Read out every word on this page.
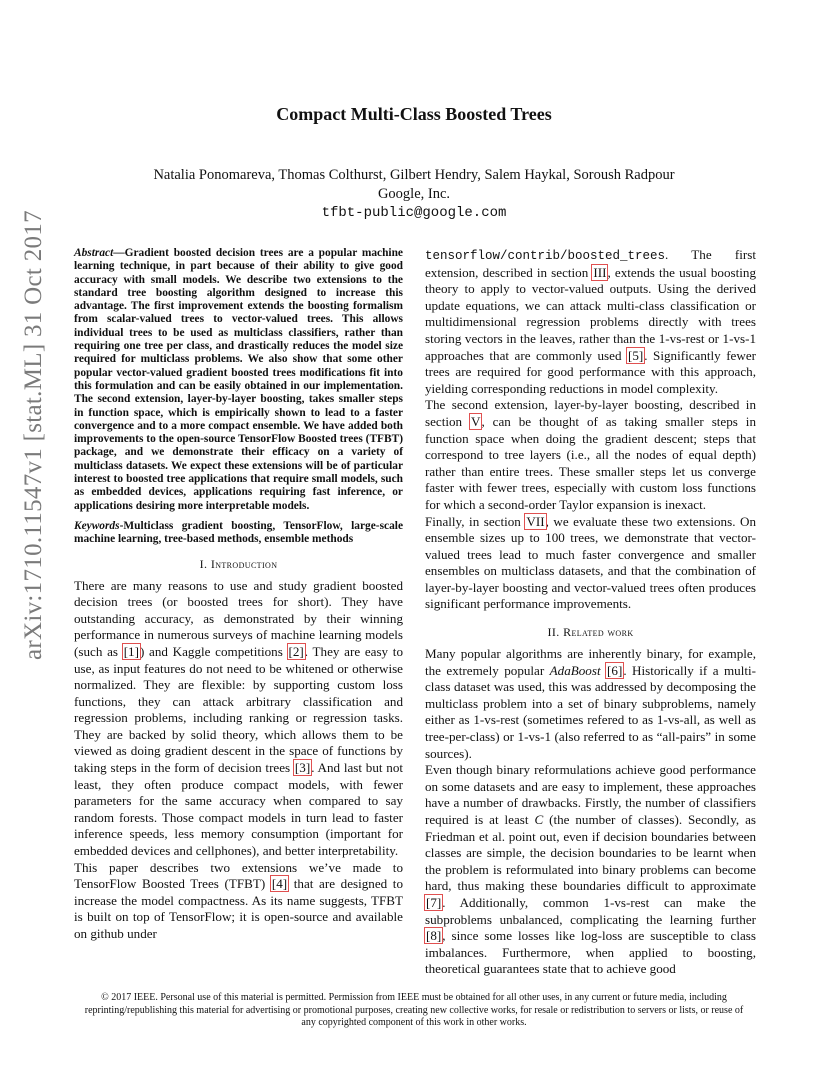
arXiv:1710.11547v1 [stat.ML] 31 Oct 2017
Compact Multi-Class Boosted Trees
Natalia Ponomareva, Thomas Colthurst, Gilbert Hendry, Salem Haykal, Soroush Radpour
Google, Inc.
tfbt-public@google.com

Abstract—Gradient boosted decision trees are a popular machine learning technique, in part because of their ability to give good accuracy with small models. We describe two extensions to the standard tree boosting algorithm designed to increase this advantage. The first improvement extends the boosting formalism from scalar-valued trees to vector-valued trees. This allows individual trees to be used as multiclass classifiers, rather than requiring one tree per class, and drastically reduces the model size required for multiclass problems. We also show that some other popular vector-valued gradient boosted trees modifications fit into this formulation and can be easily obtained in our implementation. The second extension, layer-by-layer boosting, takes smaller steps in function space, which is empirically shown to lead to a faster convergence and to a more compact ensemble. We have added both improvements to the open-source TensorFlow Boosted trees (TFBT) package, and we demonstrate their efficacy on a variety of multiclass datasets. We expect these extensions will be of particular interest to boosted tree applications that require small models, such as embedded devices, applications requiring fast inference, or applications desiring more interpretable models.

Keywords-Multiclass gradient boosting, TensorFlow, large-scale machine learning, tree-based methods, ensemble methods

I. Introduction

There are many reasons to use and study gradient boosted decision trees (or boosted trees for short). They have outstanding accuracy, as demonstrated by their winning performance in numerous surveys of machine learning models (such as [1]) and Kaggle competitions [2]. They are easy to use, as input features do not need to be whitened or otherwise normalized. They are flexible: by supporting custom loss functions, they can attack arbitrary classification and regression problems, including ranking or regression tasks. They are backed by solid theory, which allows them to be viewed as doing gradient descent in the space of functions by taking steps in the form of decision trees [3]. And last but not least, they often produce compact models, with fewer parameters for the same accuracy when compared to say random forests. Those compact models in turn lead to faster inference speeds, less memory consumption (important for embedded devices and cellphones), and better interpretability.

This paper describes two extensions we’ve made to TensorFlow Boosted Trees (TFBT) [4] that are designed to increase the model compactness. As its name suggests, TFBT is built on top of TensorFlow; it is open-source and available on github under

tensorflow/contrib/boosted_trees. The first extension, described in section III, extends the usual boosting theory to apply to vector-valued outputs. Using the derived update equations, we can attack multi-class classification or multidimensional regression problems directly with trees storing vectors in the leaves, rather than the 1-vs-rest or 1-vs-1 approaches that are commonly used [5]. Significantly fewer trees are required for good performance with this approach, yielding corresponding reductions in model complexity.

The second extension, layer-by-layer boosting, described in section V, can be thought of as taking smaller steps in function space when doing the gradient descent; steps that correspond to tree layers (i.e., all the nodes of equal depth) rather than entire trees. These smaller steps let us converge faster with fewer trees, especially with custom loss functions for which a second-order Taylor expansion is inexact.

Finally, in section VII, we evaluate these two extensions. On ensemble sizes up to 100 trees, we demonstrate that vector-valued trees lead to much faster convergence and smaller ensembles on multiclass datasets, and that the combination of layer-by-layer boosting and vector-valued trees often produces significant performance improvements.

II. Related work

Many popular algorithms are inherently binary, for example, the extremely popular AdaBoost [6]. Historically if a multi-class dataset was used, this was addressed by decomposing the multiclass problem into a set of binary subproblems, namely either as 1-vs-rest (sometimes refered to as 1-vs-all, as well as tree-per-class) or 1-vs-1 (also referred to as “all-pairs” in some sources).

Even though binary reformulations achieve good performance on some datasets and are easy to implement, these approaches have a number of drawbacks. Firstly, the number of classifiers required is at least C (the number of classes). Secondly, as Friedman et al. point out, even if decision boundaries between classes are simple, the decision boundaries to be learnt when the problem is reformulated into binary problems can become hard, thus making these boundaries difficult to approximate [7]. Additionally, common 1-vs-rest can make the subproblems unbalanced, complicating the learning further [8], since some losses like log-loss are susceptible to class imbalances. Furthermore, when applied to boosting, theoretical guarantees state that to achieve good

© 2017 IEEE. Personal use of this material is permitted. Permission from IEEE must be obtained for all other uses, in any current or future media, including reprinting/republishing this material for advertising or promotional purposes, creating new collective works, for resale or redistribution to servers or lists, or reuse of any copyrighted component of this work in other works.
